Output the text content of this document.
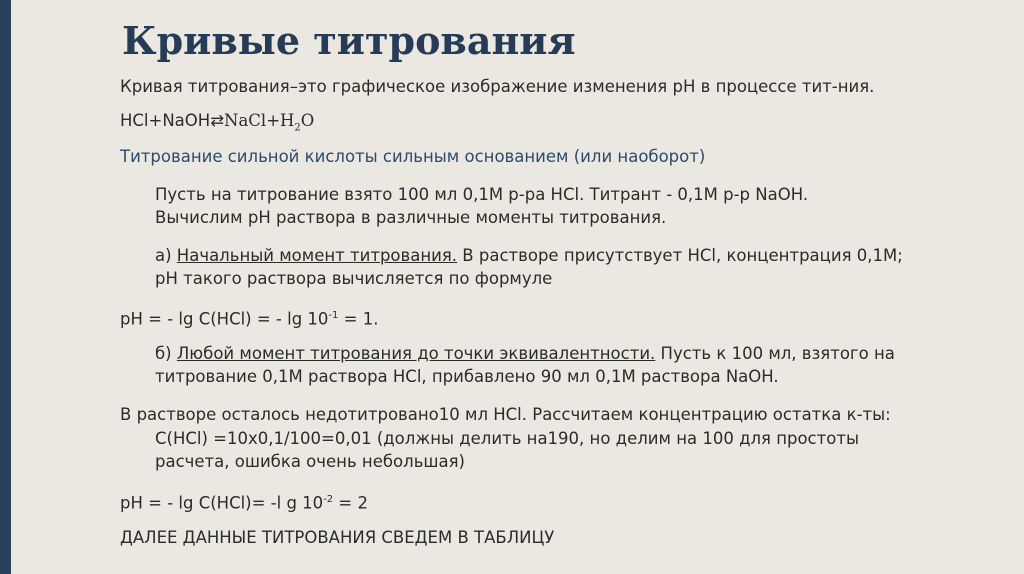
Кривые титрования
Кривая титрования–это графическое изображение изменения рН в процессе тит-ния.
$HCl+NaOH⇄NaCl+H_2O$
Титрование сильной кислоты сильным основанием (или наоборот)
Пусть на титрование взято 100 мл 0,1М р-ра HCl. Титрант - 0,1М р-р NaOH.
Вычислим рН раствора в различные моменты титрования.
а) Начальный момент титрования. В растворе присутствует HCl, концентрация 0,1М;
рН такого раствора вычисляется по формуле
рН = - lg C(HCl) = - $\lg 10^{-1} = 1$.
б) Любой момент титрования до точки эквивалентности. Пусть к 100 мл, взятого на
титрование 0,1М раствора HCl, прибавлено 90 мл 0,1М раствора NaOH.
В растворе осталось недотитровано10 мл HCl. Рассчитаем концентрацию остатка к-ты:
С(HCl) =10х0,1/100=0,01 (должны делить на190, но делим на 100 для простоты
расчета, ошибка очень небольшая)
рН = - lg C(HCl)= -l g $10^{-2} = 2$
ДАЛЕЕ ДАННЫЕ ТИТРОВАНИЯ СВЕДЕМ В ТАБЛИЦУ
